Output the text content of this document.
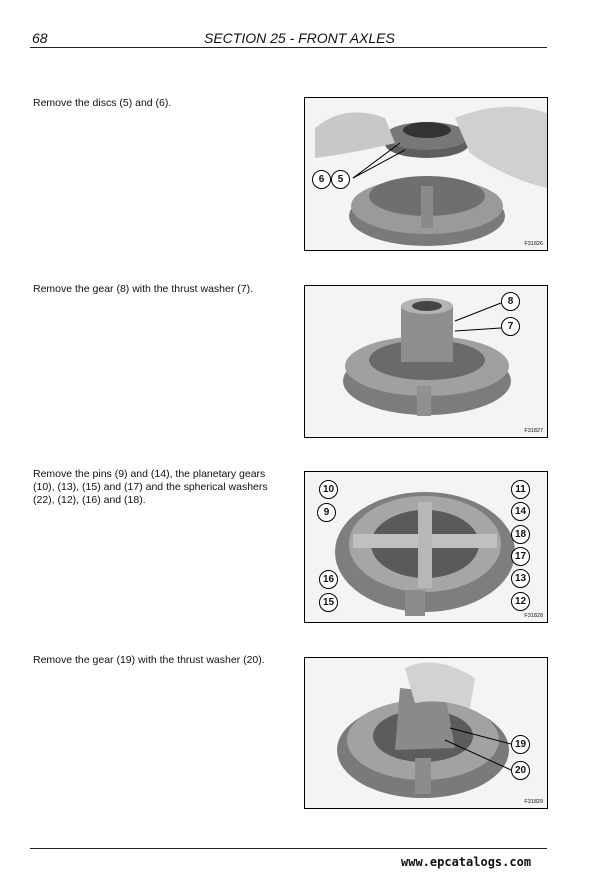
68	SECTION 25 - FRONT AXLES
Remove the discs (5) and (6).
6	5
F31826
Remove the gear (8) with the thrust washer (7).
8
7
F31827
Remove the pins (9) and (14), the planetary gears (10), (13), (15) and (17) and the spherical washers (22), (12), (16) and (18).
10	11
9	14
18
17
16	13
15	12
F31828
Remove the gear (19) with the thrust washer (20).
19
20
F31829
www.epcatalogs.com
